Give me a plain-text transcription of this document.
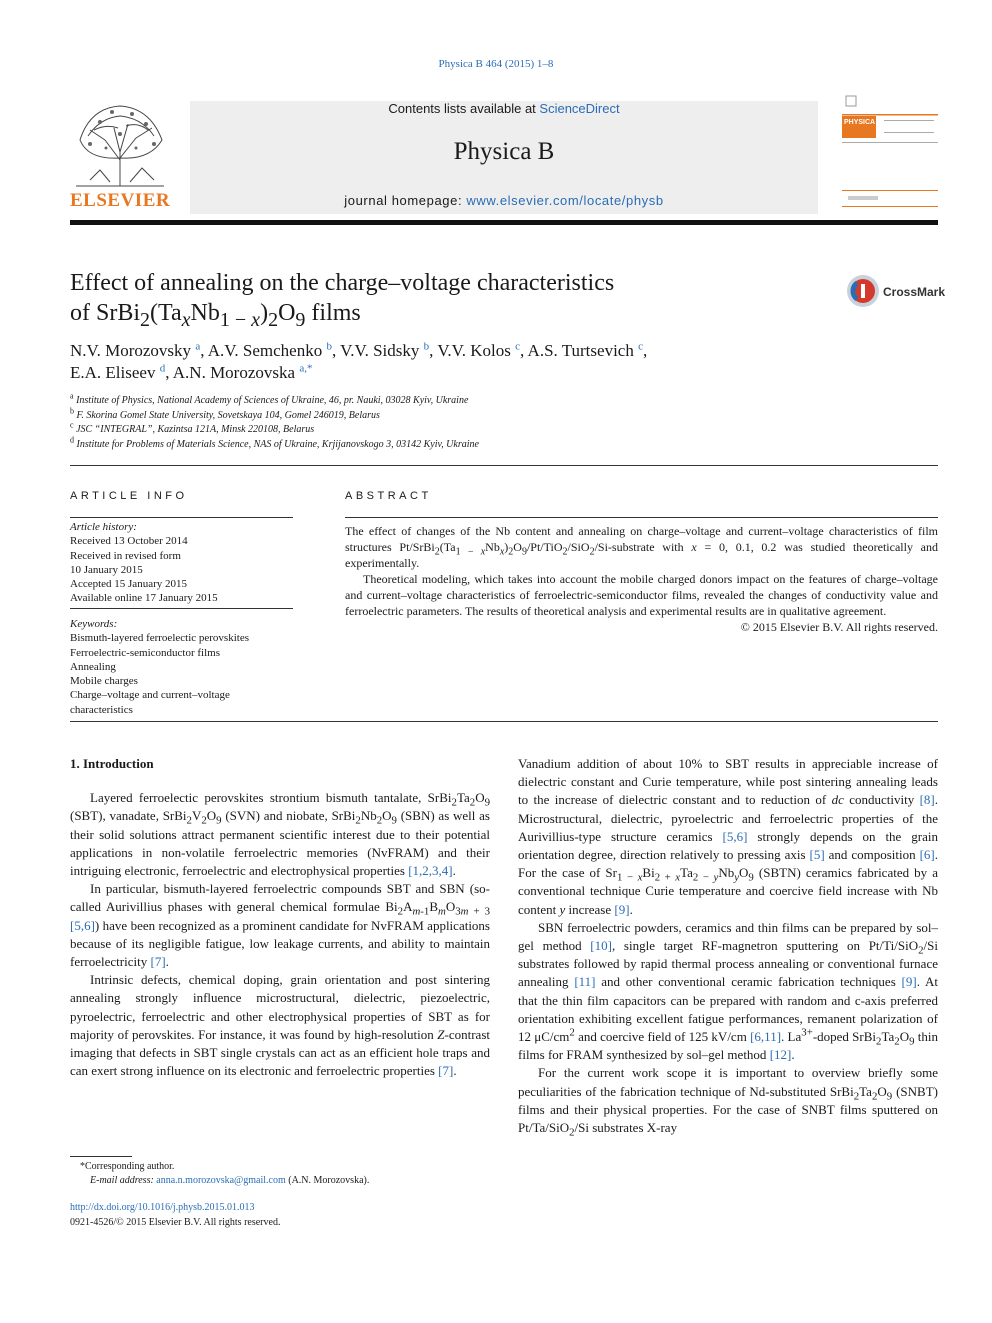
Physica B 464 (2015) 1–8
ELSEVIER
Contents lists available at ScienceDirect
Physica B
journal homepage: www.elsevier.com/locate/physb
PHYSICA
Effect of annealing on the charge–voltage characteristics
of $SrBi_2(Ta_xNb_{1 - x})_2O_9$ films
CrossMark
N.V. Morozovsky $^a$, A.V. Semchenko $^b$, V.V. Sidsky $^b$, V.V. Kolos $^c$, A.S. Turtsevich $^c$,
E.A. Eliseev $^d$, A.N. Morozovska $^{a,*}$
$^a$ Institute of Physics, National Academy of Sciences of Ukraine, 46, pr. Nauki, 03028 Kyiv, Ukraine
$^b$ F. Skorina Gomel State University, Sovetskaya 104, Gomel 246019, Belarus
$^c$ JSC “INTEGRAL”, Kazintsa 121A, Minsk 220108, Belarus
$^d$ Institute for Problems of Materials Science, NAS of Ukraine, Krjijanovskogo 3, 03142 Kyiv, Ukraine
ARTICLE INFO
Article history:
Received 13 October 2014
Received in revised form
10 January 2015
Accepted 15 January 2015
Available online 17 January 2015
Keywords:
Bismuth-layered ferroelectic perovskites
Ferroelectric-semiconductor films
Annealing
Mobile charges
Charge–voltage and current–voltage
characteristics
ABSTRACT

The effect of changes of the Nb content and annealing on charge–voltage and current–voltage characteristics of film structures $Pt/SrBi_2(Ta_{1 - x}Nb_x)_2O_9/Pt/TiO_2/SiO_2/Si$-substrate with x = 0, 0.1, 0.2 was studied theoretically and experimentally.

Theoretical modeling, which takes into account the mobile charged donors impact on the features of charge–voltage and current–voltage characteristics of ferroelectric-semiconductor films, revealed the changes of conductivity value and ferroelectric parameters. The results of theoretical analysis and experimental results are in qualitative agreement.

© 2015 Elsevier B.V. All rights reserved.
1. Introduction

Layered ferroelectic perovskites strontium bismuth tantalate, $SrBi_2Ta_2O_9$ (SBT), vanadate, $SrBi_2V_2O_9$ (SVN) and niobate, $SrBi_2Nb_2O_9$ (SBN) as well as their solid solutions attract permanent scientific interest due to their potential applications in non-volatile ferroelectric memories (NvFRAM) and their intriguing electronic, ferroelectric and electrophysical properties [1,2,3,4].

In particular, bismuth-layered ferroelectric compounds SBT and SBN (so-called Aurivillius phases with general chemical formulae $Bi_2A_{m-1}B_mO_{3m + 3}$ [5,6]) have been recognized as a prominent candidate for NvFRAM applications because of its negligible fatigue, low leakage currents, and ability to maintain ferroelectricity [7].

Intrinsic defects, chemical doping, grain orientation and post sintering annealing strongly influence microstructural, dielectric, piezoelectric, pyroelectric, ferroelectric and other electrophysical properties of SBT as for majority of perovskites. For instance, it was found by high-resolution Z-contrast imaging that defects in SBT single crystals can act as an efficient hole traps and can exert strong influence on its electronic and ferroelectric properties [7].

*Corresponding author.
E-mail address: anna.n.morozovska@gmail.com (A.N. Morozovska).
http://dx.doi.org/10.1016/j.physb.2015.01.013
0921-4526/© 2015 Elsevier B.V. All rights reserved.

Vanadium addition of about 10% to SBT results in appreciable increase of dielectric constant and Curie temperature, while post sintering annealing leads to the increase of dielectric constant and to reduction of dc conductivity [8]. Microstructural, dielectric, pyroelectric and ferroelectric properties of the Aurivillius-type structure ceramics [5,6] strongly depends on the grain orientation degree, direction relatively to pressing axis [5] and composition [6]. For the case of $Sr_{1 - x}Bi_{2 + x}Ta_{2 - y}Nb_yO_9$ (SBTN) ceramics fabricated by a conventional technique Curie temperature and coercive field increase with Nb content y increase [9].

SBN ferroelectric powders, ceramics and thin films can be prepared by sol–gel method [10], single target RF-magnetron sputtering on Pt/Ti/SiO$_2$/Si substrates followed by rapid thermal process annealing or conventional furnace annealing [11] and other conventional ceramic fabrication techniques [9]. At that the thin film capacitors can be prepared with random and c-axis preferred orientation exhibiting excellent fatigue performances, remanent polarization of 12 $\mu C/cm^2$ and coercive field of 125 kV/cm [6,11]. $La^{3+}$-doped $SrBi_2Ta_2O_9$ thin films for FRAM synthesized by sol–gel method [12].

For the current work scope it is important to overview briefly some peculiarities of the fabrication technique of Nd-substituted $SrBi_2Ta_2O_9$ (SNBT) films and their physical properties. For the case of SNBT films sputtered on Pt/Ta/SiO$_2$/Si substrates X-ray
